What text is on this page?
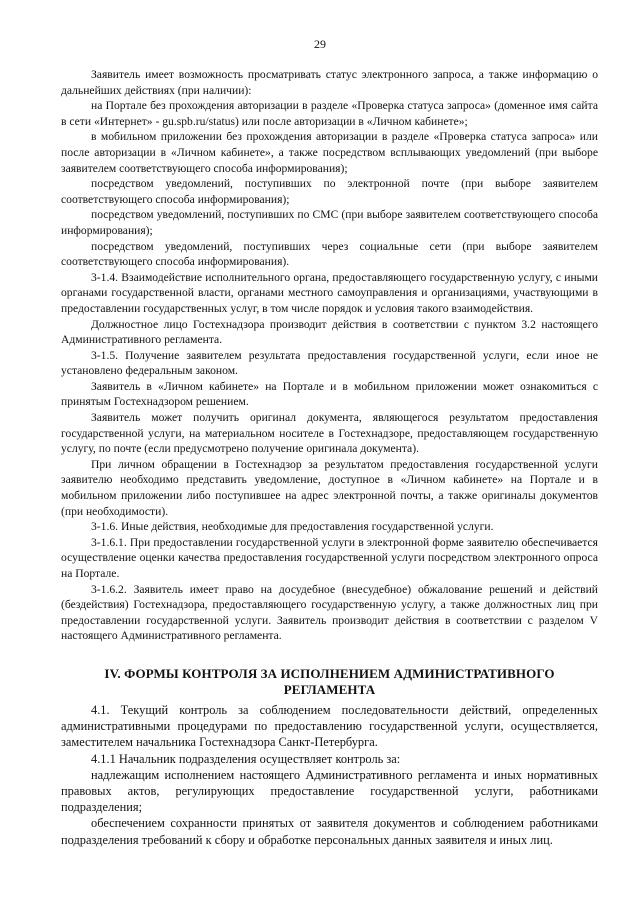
29

Заявитель имеет возможность просматривать статус электронного запроса, а также информацию о дальнейших действиях (при наличии):

на Портале без прохождения авторизации в разделе «Проверка статуса запроса» (доменное имя сайта в сети «Интернет» - gu.spb.ru/status) или после авторизации в «Личном кабинете»;

в мобильном приложении без прохождения авторизации в разделе «Проверка статуса запроса» или после авторизации в «Личном кабинете», а также посредством всплывающих уведомлений (при выборе заявителем соответствующего способа информирования);

посредством уведомлений, поступивших по электронной почте (при выборе заявителем соответствующего способа информирования);

посредством уведомлений, поступивших по СМС (при выборе заявителем соответствующего способа информирования);

посредством уведомлений, поступивших через социальные сети (при выборе заявителем соответствующего способа информирования).

3-1.4. Взаимодействие исполнительного органа, предоставляющего государственную услугу, с иными органами государственной власти, органами местного самоуправления и организациями, участвующими в предоставлении государственных услуг, в том числе порядок и условия такого взаимодействия.

Должностное лицо Гостехнадзора производит действия в соответствии с пунктом 3.2 настоящего Административного регламента.

3-1.5. Получение заявителем результата предоставления государственной услуги, если иное не установлено федеральным законом.

Заявитель в «Личном кабинете» на Портале и в мобильном приложении может ознакомиться с принятым Гостехнадзором решением.

Заявитель может получить оригинал документа, являющегося результатом предоставления государственной услуги, на материальном носителе в Гостехнадзоре, предоставляющем государственную услугу, по почте (если предусмотрено получение оригинала документа).

При личном обращении в Гостехнадзор за результатом предоставления государственной услуги заявителю необходимо представить уведомление, доступное в «Личном кабинете» на Портале и в мобильном приложении либо поступившее на адрес электронной почты, а также оригиналы документов (при необходимости).

3-1.6. Иные действия, необходимые для предоставления государственной услуги.

3-1.6.1. При предоставлении государственной услуги в электронной форме заявителю обеспечивается осуществление оценки качества предоставления государственной услуги посредством электронного опроса на Портале.

3-1.6.2. Заявитель имеет право на досудебное (внесудебное) обжалование решений и действий (бездействия) Гостехнадзора, предоставляющего государственную услугу, а также должностных лиц при предоставлении государственной услуги. Заявитель производит действия в соответствии с разделом V настоящего Административного регламента.

IV. ФОРМЫ КОНТРОЛЯ ЗА ИСПОЛНЕНИЕМ АДМИНИСТРАТИВНОГО
РЕГЛАМЕНТА

4.1. Текущий контроль за соблюдением последовательности действий, определенных административными процедурами по предоставлению государственной услуги, осуществляется, заместителем начальника Гостехнадзора Санкт-Петербурга.

4.1.1 Начальник подразделения осуществляет контроль за:

надлежащим исполнением настоящего Административного регламента и иных нормативных правовых актов, регулирующих предоставление государственной услуги, работниками подразделения;

обеспечением сохранности принятых от заявителя документов и соблюдением работниками подразделения требований к сбору и обработке персональных данных заявителя и иных лиц.
